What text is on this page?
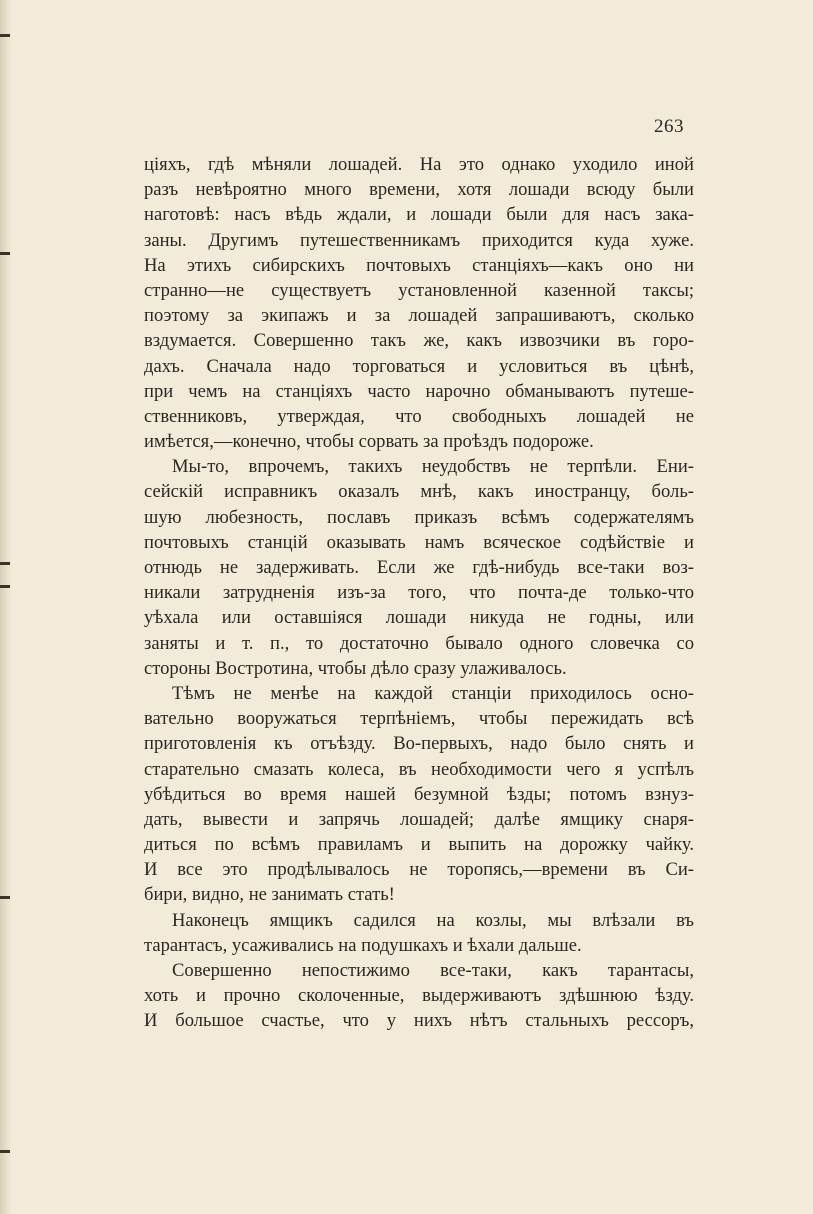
263
ціяхъ, гдѣ мѣняли лошадей. На это однако уходило иной
разъ невѣроятно много времени, хотя лошади всюду были
наготовѣ: насъ вѣдь ждали, и лошади были для насъ зака-
заны. Другимъ путешественникамъ приходится куда хуже.
На этихъ сибирскихъ почтовыхъ станціяхъ—какъ оно ни
странно—не существуетъ установленной казенной таксы;
поэтому за экипажъ и за лошадей запрашиваютъ, сколько
вздумается. Совершенно такъ же, какъ извозчики въ горо-
дахъ. Сначала надо торговаться и условиться въ цѣнѣ,
при чемъ на станціяхъ часто нарочно обманываютъ путеше-
ственниковъ, утверждая, что свободныхъ лошадей не
имѣется,—конечно, чтобы сорвать за проѣздъ подороже.
Мы-то, впрочемъ, такихъ неудобствъ не терпѣли. Ени-
сейскій исправникъ оказалъ мнѣ, какъ иностранцу, боль-
шую любезность, пославъ приказъ всѣмъ содержателямъ
почтовыхъ станцій оказывать намъ всяческое содѣйствіе и
отнюдь не задерживать. Если же гдѣ-нибудь все-таки воз-
никали затрудненія изъ-за того, что почта-де только-что
уѣхала или оставшіяся лошади никуда не годны, или
заняты и т. п., то достаточно бывало одного словечка со
стороны Востротина, чтобы дѣло сразу улаживалось.
Тѣмъ не менѣе на каждой станціи приходилось осно-
вательно вооружаться терпѣніемъ, чтобы пережидать всѣ
приготовленія къ отъѣзду. Во-первыхъ, надо было снять и
старательно смазать колеса, въ необходимости чего я успѣлъ
убѣдиться во время нашей безумной ѣзды; потомъ взнуз-
дать, вывести и запрячь лошадей; далѣе ямщику снаря-
диться по всѣмъ правиламъ и выпить на дорожку чайку.
И все это продѣлывалось не торопясь,—времени въ Си-
бири, видно, не занимать стать!
Наконецъ ямщикъ садился на козлы, мы влѣзали въ
тарантасъ, усаживались на подушкахъ и ѣхали дальше.
Совершенно непостижимо все-таки, какъ тарантасы,
хоть и прочно сколоченные, выдерживаютъ здѣшнюю ѣзду.
И большое счастье, что у нихъ нѣтъ стальныхъ рессоръ,
